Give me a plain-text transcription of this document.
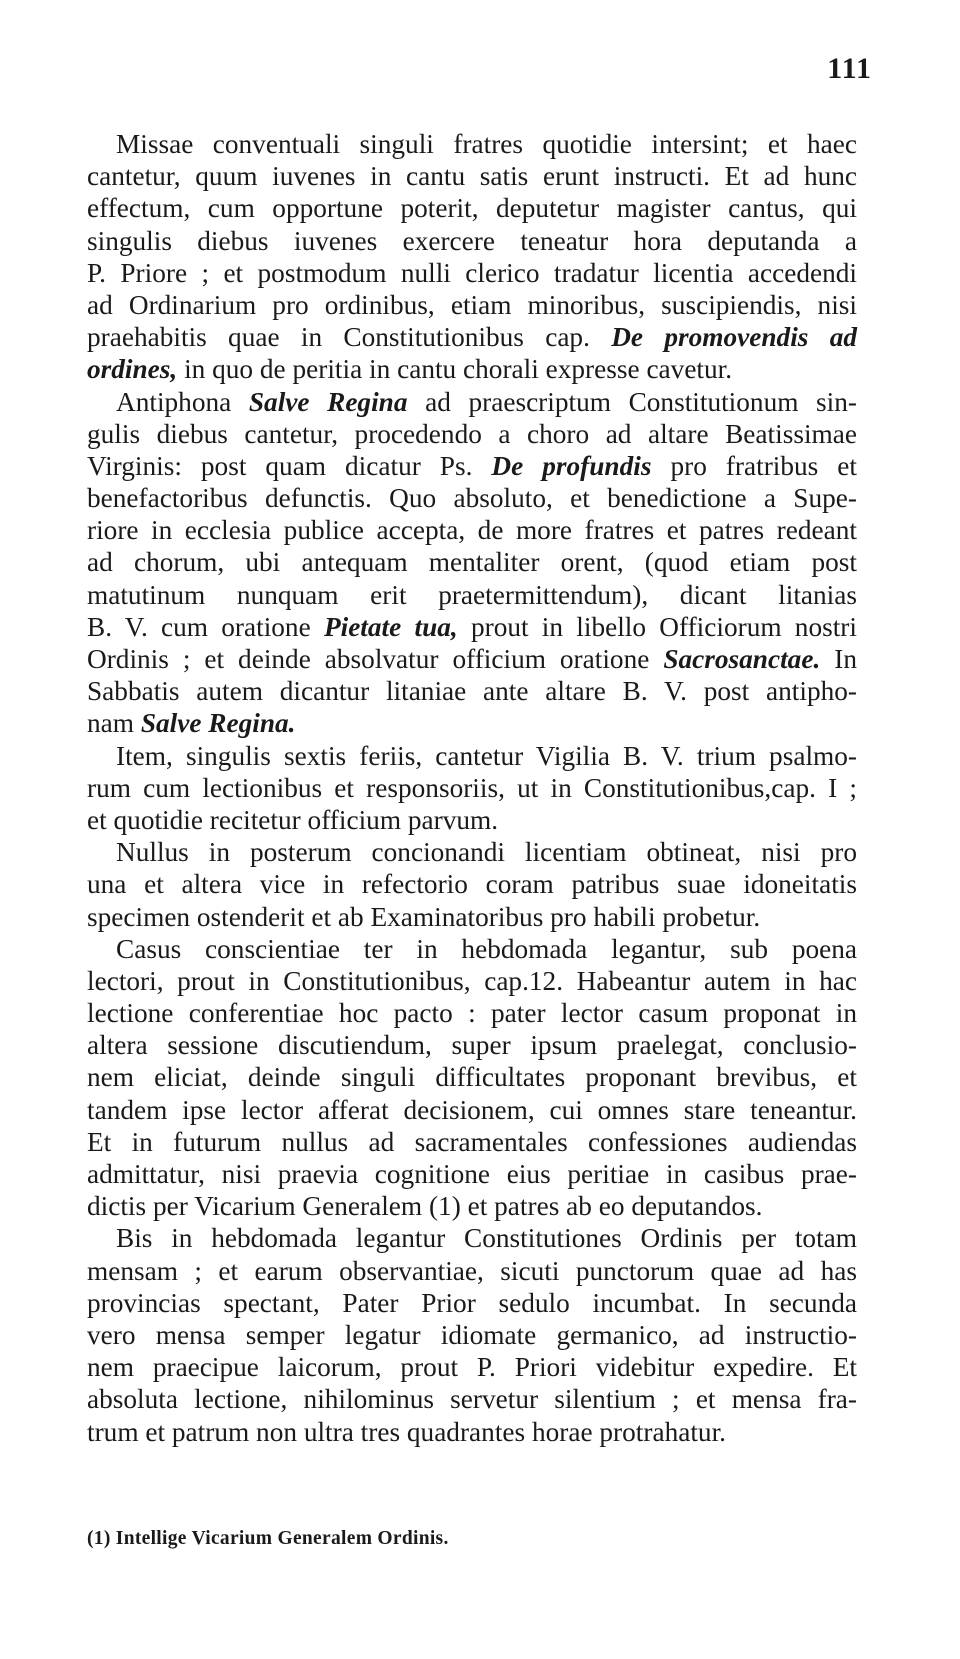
111
Missae conventuali singuli fratres quotidie intersint; et haec
cantetur, quum iuvenes in cantu satis erunt instructi. Et ad hunc
effectum, cum opportune poterit, deputetur magister cantus, qui
singulis diebus iuvenes exercere teneatur hora deputanda a
P. Priore ; et postmodum nulli clerico tradatur licentia accedendi
ad Ordinarium pro ordinibus, etiam minoribus, suscipiendis, nisi
praehabitis quae in Constitutionibus cap. De promovendis ad
ordines, in quo de peritia in cantu chorali expresse cavetur.
Antiphona Salve Regina ad praescriptum Constitutionum sin-
gulis diebus cantetur, procedendo a choro ad altare Beatissimae
Virginis: post quam dicatur Ps. De profundis pro fratribus et
benefactoribus defunctis. Quo absoluto, et benedictione a Supe-
riore in ecclesia publice accepta, de more fratres et patres redeant
ad chorum, ubi antequam mentaliter orent, (quod etiam post
matutinum nunquam erit praetermittendum), dicant litanias
B. V. cum oratione Pietate tua, prout in libello Officiorum nostri
Ordinis ; et deinde absolvatur officium oratione Sacrosanctae. In
Sabbatis autem dicantur litaniae ante altare B. V. post antipho-
nam Salve Regina.
Item, singulis sextis feriis, cantetur Vigilia B. V. trium psalmo-
rum cum lectionibus et responsoriis, ut in Constitutionibus,cap. I ;
et quotidie recitetur officium parvum.
Nullus in posterum concionandi licentiam obtineat, nisi pro
una et altera vice in refectorio coram patribus suae idoneitatis
specimen ostenderit et ab Examinatoribus pro habili probetur.
Casus conscientiae ter in hebdomada legantur, sub poena
lectori, prout in Constitutionibus, cap.12. Habeantur autem in hac
lectione conferentiae hoc pacto : pater lector casum proponat in
altera sessione discutiendum, super ipsum praelegat, conclusio-
nem eliciat, deinde singuli difficultates proponant brevibus, et
tandem ipse lector afferat decisionem, cui omnes stare teneantur.
Et in futurum nullus ad sacramentales confessiones audiendas
admittatur, nisi praevia cognitione eius peritiae in casibus prae-
dictis per Vicarium Generalem (1) et patres ab eo deputandos.
Bis in hebdomada legantur Constitutiones Ordinis per totam
mensam ; et earum observantiae, sicuti punctorum quae ad has
provincias spectant, Pater Prior sedulo incumbat. In secunda
vero mensa semper legatur idiomate germanico, ad instructio-
nem praecipue laicorum, prout P. Priori videbitur expedire. Et
absoluta lectione, nihilominus servetur silentium ; et mensa fra-
trum et patrum non ultra tres quadrantes horae protrahatur.
(1) Intellige Vicarium Generalem Ordinis.
